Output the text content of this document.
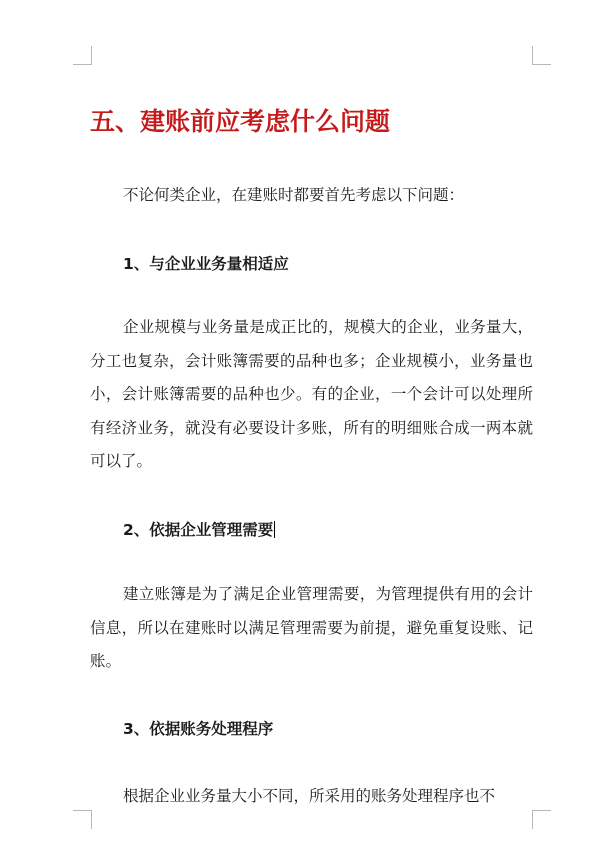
五、建账前应考虑什么问题

不论何类企业，在建账时都要首先考虑以下问题：

1、与企业业务量相适应

企业规模与业务量是成正比的，规模大的企业，业务量大，分工也复杂，会计账簿需要的品种也多；企业规模小，业务量也小，会计账簿需要的品种也少。有的企业，一个会计可以处理所有经济业务，就没有必要设计多账，所有的明细账合成一两本就可以了。

2、依据企业管理需要

建立账簿是为了满足企业管理需要，为管理提供有用的会计信息，所以在建账时以满足管理需要为前提，避免重复设账、记账。

3、依据账务处理程序

根据企业业务量大小不同，所采用的账务处理程序也不
